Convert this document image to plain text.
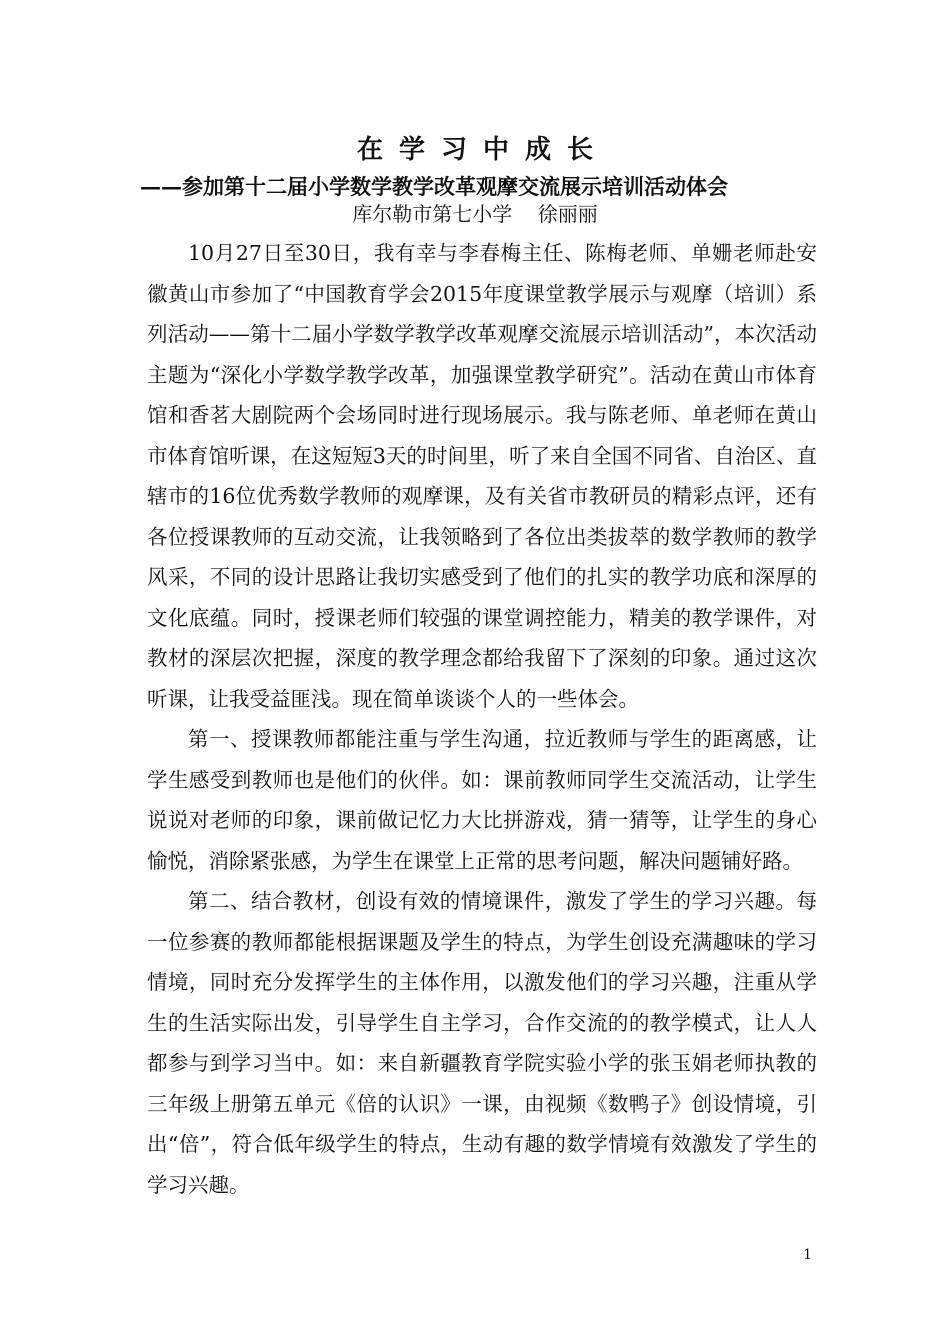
在学习中成长
——参加第十二届小学数学教学改革观摩交流展示培训活动体会
库尔勒市第七小学    徐丽丽

10月27日至30日，我有幸与李春梅主任、陈梅老师、单姗老师赴安徽黄山市参加了“中国教育学会2015年度课堂教学展示与观摩（培训）系列活动——第十二届小学数学教学改革观摩交流展示培训活动”，本次活动主题为“深化小学数学教学改革，加强课堂教学研究”。活动在黄山市体育馆和香茗大剧院两个会场同时进行现场展示。我与陈老师、单老师在黄山市体育馆听课，在这短短3天的时间里，听了来自全国不同省、自治区、直辖市的16位优秀数学教师的观摩课，及有关省市教研员的精彩点评，还有各位授课教师的互动交流，让我领略到了各位出类拔萃的数学教师的教学风采，不同的设计思路让我切实感受到了他们的扎实的教学功底和深厚的文化底蕴。同时，授课老师们较强的课堂调控能力，精美的教学课件，对教材的深层次把握，深度的教学理念都给我留下了深刻的印象。通过这次听课，让我受益匪浅。现在简单谈谈个人的一些体会。

第一、授课教师都能注重与学生沟通，拉近教师与学生的距离感，让学生感受到教师也是他们的伙伴。如：课前教师同学生交流活动，让学生说说对老师的印象，课前做记忆力大比拼游戏，猜一猜等，让学生的身心愉悦，消除紧张感，为学生在课堂上正常的思考问题，解决问题铺好路。

第二、结合教材，创设有效的情境课件，激发了学生的学习兴趣。每一位参赛的教师都能根据课题及学生的特点，为学生创设充满趣味的学习情境，同时充分发挥学生的主体作用，以激发他们的学习兴趣，注重从学生的生活实际出发，引导学生自主学习，合作交流的的教学模式，让人人都参与到学习当中。如：来自新疆教育学院实验小学的张玉娟老师执教的三年级上册第五单元《倍的认识》一课，由视频《数鸭子》创设情境，引出“倍”，符合低年级学生的特点，生动有趣的数学情境有效激发了学生的学习兴趣。

1
